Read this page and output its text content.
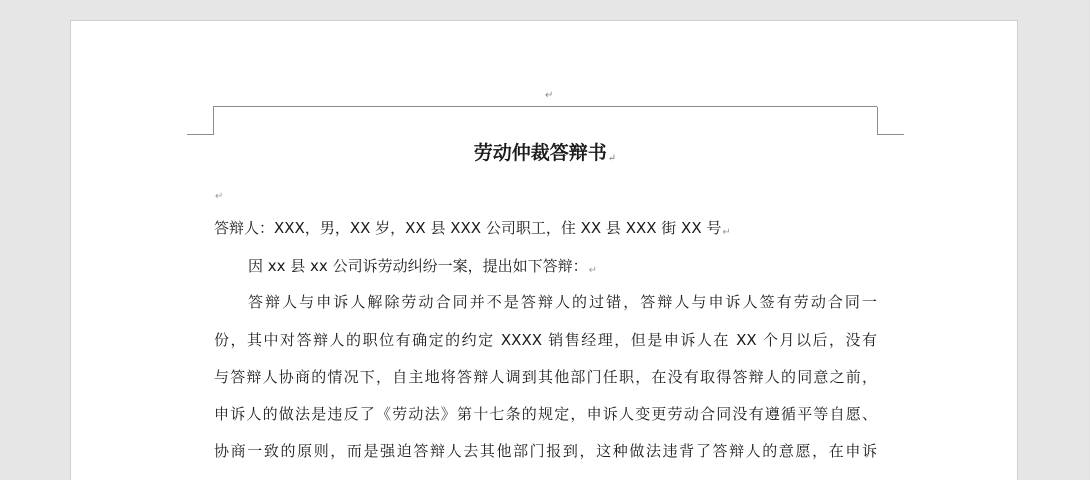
↵
劳动仲裁答辩书↵
↵
答辩人：XXX，男，XX 岁，XX 县 XXX 公司职工，住 XX 县 XXX 街 XX 号↵
因 xx 县 xx 公司诉劳动纠纷一案，提出如下答辩：↵
答辩人与申诉人解除劳动合同并不是答辩人的过错，答辩人与申诉人签有劳动合同一
份，其中对答辩人的职位有确定的约定 XXXX 销售经理，但是申诉人在 XX 个月以后，没有
与答辩人协商的情况下，自主地将答辩人调到其他部门任职，在没有取得答辩人的同意之前，
申诉人的做法是违反了《劳动法》第十七条的规定，申诉人变更劳动合同没有遵循平等自愿、
协商一致的原则，而是强迫答辩人去其他部门报到，这种做法违背了答辩人的意愿，在申诉
